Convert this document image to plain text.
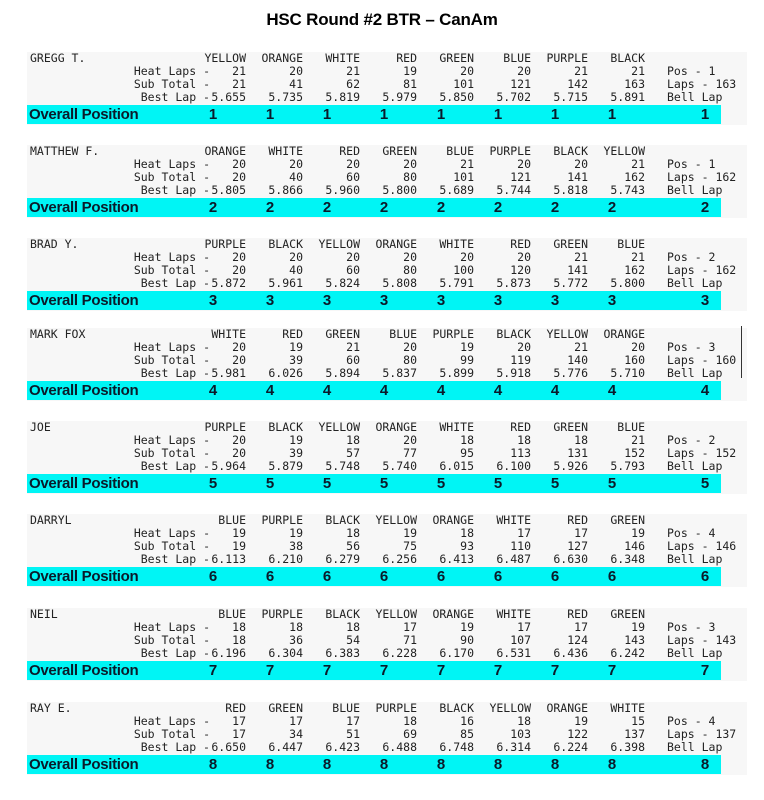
HSC Round #2 BTR – CanAm
GREGG T.	YELLOW	ORANGE	WHITE	RED	GREEN	BLUE	PURPLE	BLACK
Heat Laps -	21	20	21	19	20	20	21	21 Pos - 1
Sub Total -	21	41	62	81	101	121	142	163 Laps - 163
Best Lap - 5.655	5.735	5.819	5.979	5.850	5.702	5.715	5.891 Bell Lap
Overall Position	1	1	1	1	1	1	1	1	1
MATTHEW F.	ORANGE	WHITE	RED	GREEN	BLUE	PURPLE	BLACK	YELLOW
Heat Laps -	20	20	20	20	21	20	20	21 Pos - 1
Sub Total -	20	40	60	80	101	121	141	162 Laps - 162
Best Lap - 5.805	5.866	5.960	5.800	5.689	5.744	5.818	5.743 Bell Lap
Overall Position	2	2	2	2	2	2	2	2	2
BRAD Y.	PURPLE	BLACK	YELLOW	ORANGE	WHITE	RED	GREEN	BLUE
Heat Laps -	20	20	20	20	20	20	21	21 Pos - 2
Sub Total -	20	40	60	80	100	120	141	162 Laps - 162
Best Lap - 5.872	5.961	5.824	5.808	5.791	5.873	5.772	5.800 Bell Lap
Overall Position	3	3	3	3	3	3	3	3	3
MARK FOX	WHITE	RED	GREEN	BLUE	PURPLE	BLACK	YELLOW	ORANGE
Heat Laps -	20	19	21	20	19	20	21	20 Pos - 3
Sub Total -	20	39	60	80	99	119	140	160 Laps - 160
Best Lap - 5.981	6.026	5.894	5.837	5.899	5.918	5.776	5.710 Bell Lap
Overall Position	4	4	4	4	4	4	4	4	4
JOE	PURPLE	BLACK	YELLOW	ORANGE	WHITE	RED	GREEN	BLUE
Heat Laps -	20	19	18	20	18	18	18	21 Pos - 2
Sub Total -	20	39	57	77	95	113	131	152 Laps - 152
Best Lap - 5.964	5.879	5.748	5.740	6.015	6.100	5.926	5.793 Bell Lap
Overall Position	5	5	5	5	5	5	5	5	5
DARRYL	BLUE	PURPLE	BLACK	YELLOW	ORANGE	WHITE	RED	GREEN
Heat Laps -	19	19	18	19	18	17	17	19 Pos - 4
Sub Total -	19	38	56	75	93	110	127	146 Laps - 146
Best Lap - 6.113	6.210	6.279	6.256	6.413	6.487	6.630	6.348 Bell Lap
Overall Position	6	6	6	6	6	6	6	6	6
NEIL	BLUE	PURPLE	BLACK	YELLOW	ORANGE	WHITE	RED	GREEN
Heat Laps -	18	18	18	17	19	17	17	19 Pos - 3
Sub Total -	18	36	54	71	90	107	124	143 Laps - 143
Best Lap - 6.196	6.304	6.383	6.228	6.170	6.531	6.436	6.242 Bell Lap
Overall Position	7	7	7	7	7	7	7	7	7
RAY E.	RED	GREEN	BLUE	PURPLE	BLACK	YELLOW	ORANGE	WHITE
Heat Laps -	17	17	17	18	16	18	19	15 Pos - 4
Sub Total -	17	34	51	69	85	103	122	137 Laps - 137
Best Lap - 6.650	6.447	6.423	6.488	6.748	6.314	6.224	6.398 Bell Lap
Overall Position	8	8	8	8	8	8	8	8	8
